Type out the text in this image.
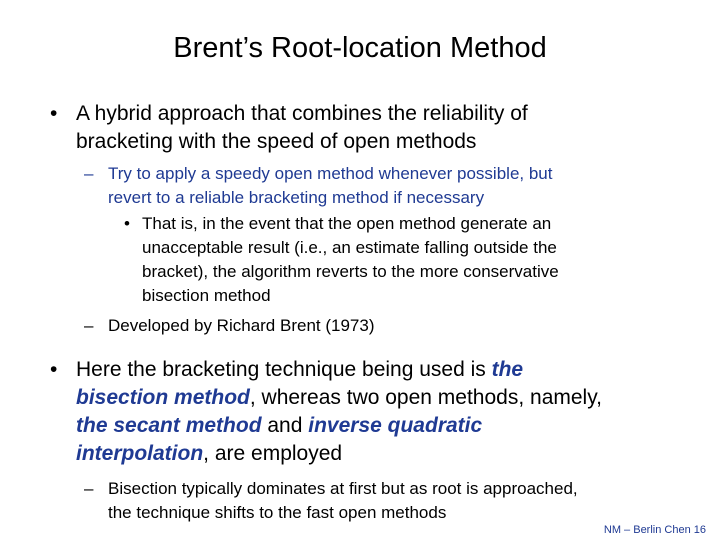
Brent’s Root-location Method
• A hybrid approach that combines the reliability of
bracketing with the speed of open methods
– Try to apply a speedy open method whenever possible, but
revert to a reliable bracketing method if necessary
• That is, in the event that the open method generate an
unacceptable result (i.e., an estimate falling outside the
bracket), the algorithm reverts to the more conservative
bisection method
– Developed by Richard Brent (1973)
• Here the bracketing technique being used is the
bisection method, whereas two open methods, namely,
the secant method and inverse quadratic
interpolation, are employed
– Bisection typically dominates at first but as root is approached,
the technique shifts to the fast open methods
NM – Berlin Chen 16
